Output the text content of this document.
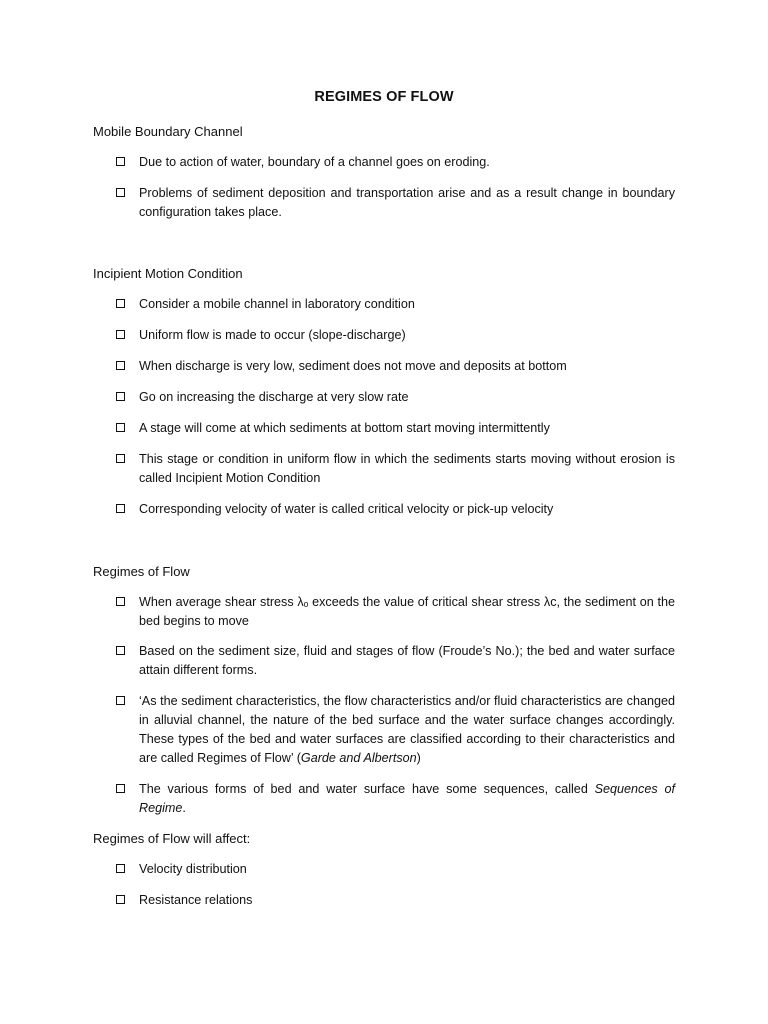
REGIMES OF FLOW
Mobile Boundary Channel
Due to action of water, boundary of a channel goes on eroding.
Problems of sediment deposition and transportation arise and as a result change in boundary configuration takes place.
Incipient Motion Condition
Consider a mobile channel in laboratory condition
Uniform flow is made to occur (slope-discharge)
When discharge is very low, sediment does not move and deposits at bottom
Go on increasing the discharge at very slow rate
A stage will come at which sediments at bottom start moving intermittently
This stage or condition in uniform flow in which the sediments starts moving without erosion is called Incipient Motion Condition
Corresponding velocity of water is called critical velocity or pick-up velocity
Regimes of Flow
When average shear stress λₒ exceeds the value of critical shear stress λc, the sediment on the bed begins to move
Based on the sediment size, fluid and stages of flow (Froude’s No.); the bed and water surface attain different forms.
‘As the sediment characteristics, the flow characteristics and/or fluid characteristics are changed in alluvial channel, the nature of the bed surface and the water surface changes accordingly. These types of the bed and water surfaces are classified according to their characteristics and are called Regimes of Flow’ (Garde and Albertson)
The various forms of bed and water surface have some sequences, called Sequences of Regime.
Regimes of Flow will affect:
Velocity distribution
Resistance relations
